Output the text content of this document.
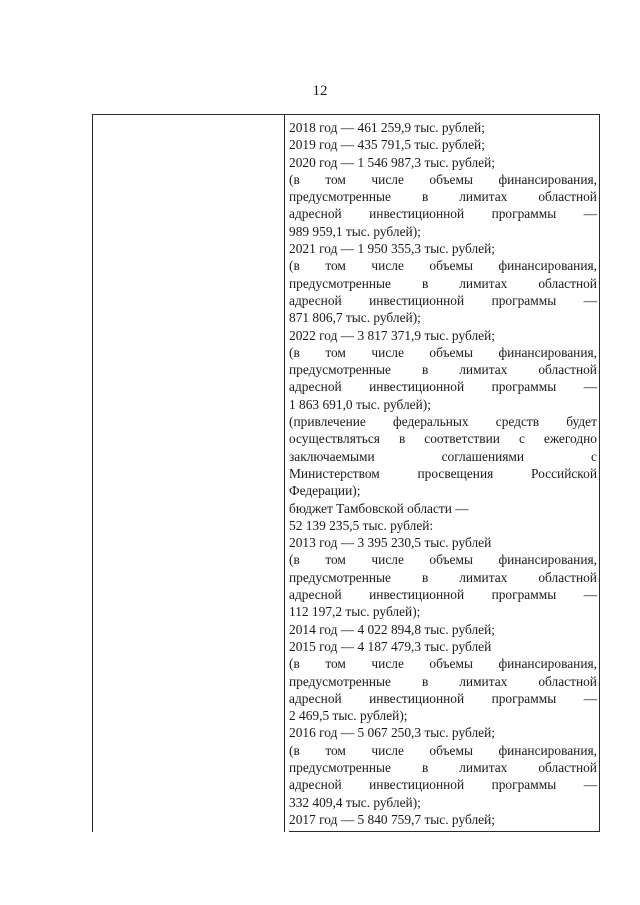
12
2018 год — 461 259,9 тыс. рублей;
2019 год — 435 791,5 тыс. рублей;
2020 год — 1 546 987,3 тыс. рублей;
(в том числе объемы финансирования,
предусмотренные в лимитах областной
адресной инвестиционной программы —
989 959,1 тыс. рублей);
2021 год — 1 950 355,3 тыс. рублей;
(в том числе объемы финансирования,
предусмотренные в лимитах областной
адресной инвестиционной программы —
871 806,7 тыс. рублей);
2022 год — 3 817 371,9 тыс. рублей;
(в том числе объемы финансирования,
предусмотренные в лимитах областной
адресной инвестиционной программы —
1 863 691,0 тыс. рублей);
(привлечение федеральных средств будет
осуществляться в соответствии с ежегодно
заключаемыми	соглашениями	с
Министерством	просвещения	Российской
Федерации);
бюджет Тамбовской области —
52 139 235,5 тыс. рублей:
2013 год — 3 395 230,5 тыс. рублей
(в том числе объемы финансирования,
предусмотренные в лимитах областной
адресной инвестиционной программы —
112 197,2 тыс. рублей);
2014 год — 4 022 894,8 тыс. рублей;
2015 год — 4 187 479,3 тыс. рублей
(в том числе объемы финансирования,
предусмотренные в лимитах областной
адресной инвестиционной программы —
2 469,5 тыс. рублей);
2016 год — 5 067 250,3 тыс. рублей;
(в том числе объемы финансирования,
предусмотренные в лимитах областной
адресной инвестиционной программы —
332 409,4 тыс. рублей);
2017 год — 5 840 759,7 тыс. рублей;
